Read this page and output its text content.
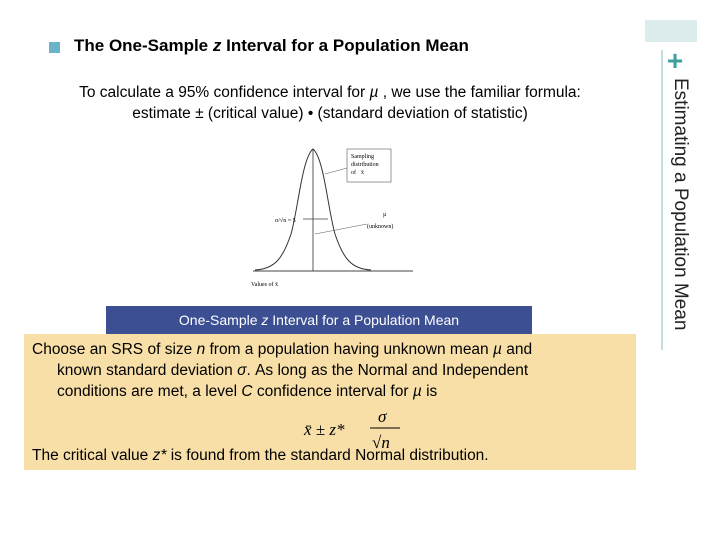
+
Estimating a Population Mean
The One-Sample z Interval for a Population Mean
To calculate a 95% confidence interval for µ , we use the familiar formula:
estimate ± (critical value) • (standard deviation of statistic)
Sampling
distribution
of x̄
σ/√n = 5
µ
(unknown)
Values of x̄
One-Sample z Interval for a Population Mean
Choose an SRS of size n from a population having unknown mean µ and
known standard deviation σ. As long as the Normal and Independent
conditions are met, a level C confidence interval for µ is
x̄ ± z*
σ
√n
The critical value z* is found from the standard Normal distribution.
